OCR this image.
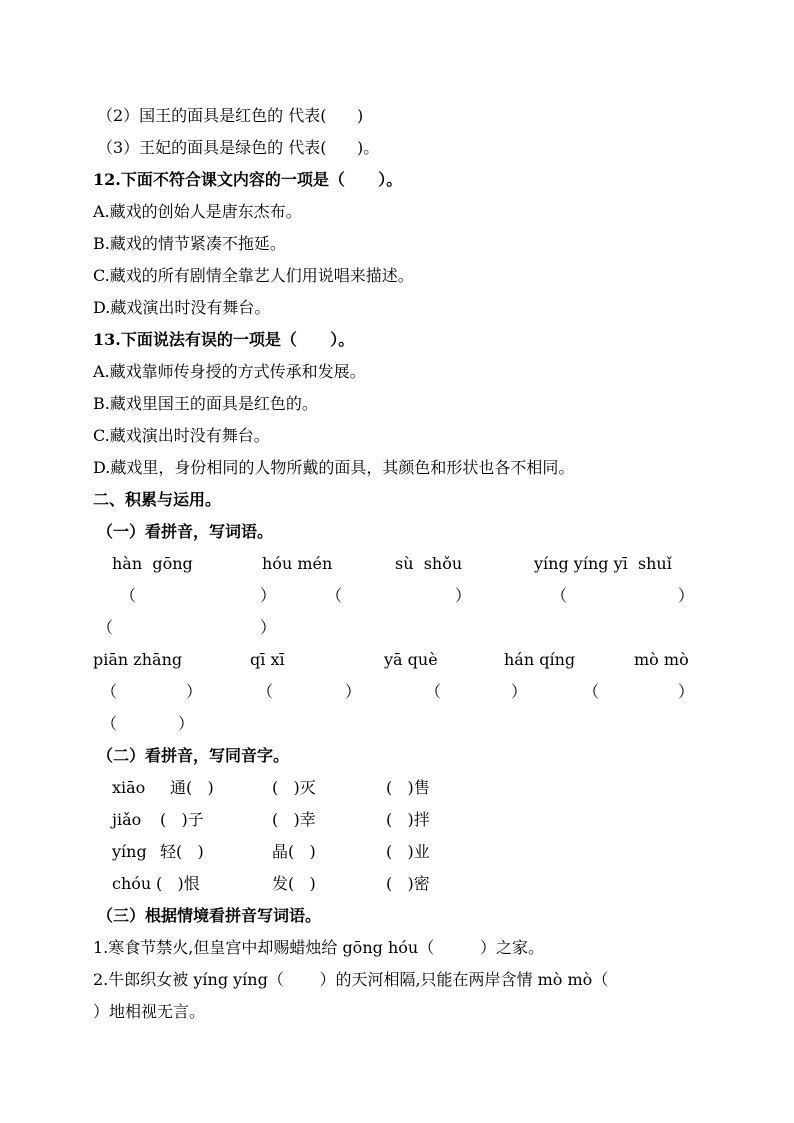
（2）国王的面具是红色的 代表(      )
（3）王妃的面具是绿色的 代表(      )。
12.下面不符合课文内容的一项是（      ）。
A.藏戏的创始人是唐东杰布。
B.藏戏的情节紧凑不拖延。
C.藏戏的所有剧情全靠艺人们用说唱来描述。
D.藏戏演出时没有舞台。
13.下面说法有误的一项是（      ）。
A.藏戏靠师传身授的方式传承和发展。
B.藏戏里国王的面具是红色的。
C.藏戏演出时没有舞台。
D.藏戏里，身份相同的人物所戴的面具，其颜色和形状也各不相同。
二、积累与运用。
（一）看拼音，写词语。
hàn  gōng	hóu mén	sù  shǒu	yíng yíng yī  shuǐ
（	）	（	）	（	）
（	）
piān zhāng	qī xī	yā què	hán qíng	mò mò
（	）	（	）	（	）	（	）
（	）
（二）看拼音，写同音字。
xiāo 通(   )	(   )灭	(   )售
jiǎo (   )子	(   )幸	(   )拌
yíng 轻(   )	晶(   )	(   )业
chóu (   )恨	发(   )	(   )密
（三）根据情境看拼音写词语。
1.寒食节禁火,但皇宫中却赐蜡烛给 gōng hóu（         ）之家。
2.牛郎织女被 yíng yíng（       ）的天河相隔,只能在两岸含情 mò mò（
）地相视无言。
